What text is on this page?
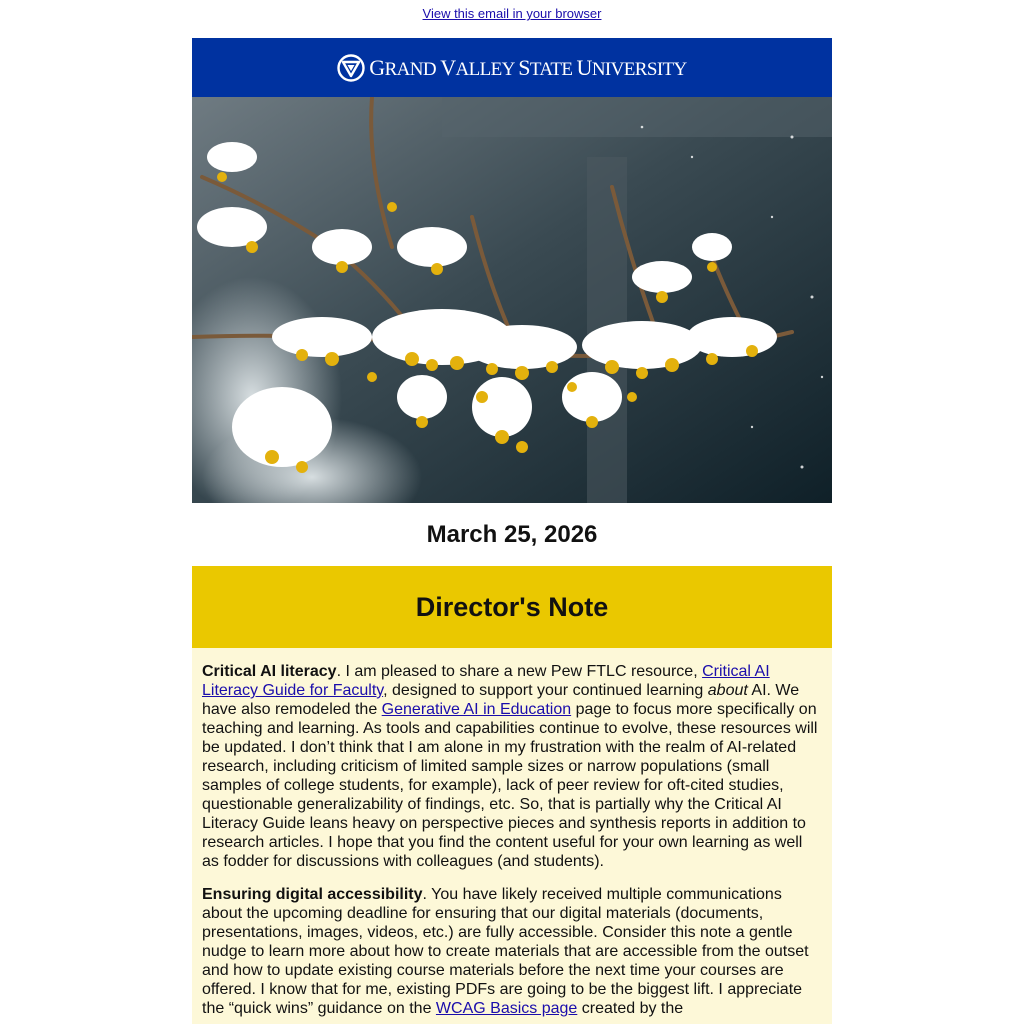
View this email in your browser
GRAND VALLEY STATE UNIVERSITY
March 25, 2026
Director's Note

Critical AI literacy. I am pleased to share a new Pew FTLC resource, Critical AI Literacy Guide for Faculty, designed to support your continued learning about AI. We have also remodeled the Generative AI in Education page to focus more specifically on teaching and learning. As tools and capabilities continue to evolve, these resources will be updated. I don’t think that I am alone in my frustration with the realm of AI-related research, including criticism of limited sample sizes or narrow populations (small samples of college students, for example), lack of peer review for oft-cited studies, questionable generalizability of findings, etc. So, that is partially why the Critical AI Literacy Guide leans heavy on perspective pieces and synthesis reports in addition to research articles. I hope that you find the content useful for your own learning as well as fodder for discussions with colleagues (and students).

Ensuring digital accessibility. You have likely received multiple communications about the upcoming deadline for ensuring that our digital materials (documents, presentations, images, videos, etc.) are fully accessible. Consider this note a gentle nudge to learn more about how to create materials that are accessible from the outset and how to update existing course materials before the next time your courses are offered. I know that for me, existing PDFs are going to be the biggest lift. I appreciate the “quick wins” guidance on the WCAG Basics page created by the
